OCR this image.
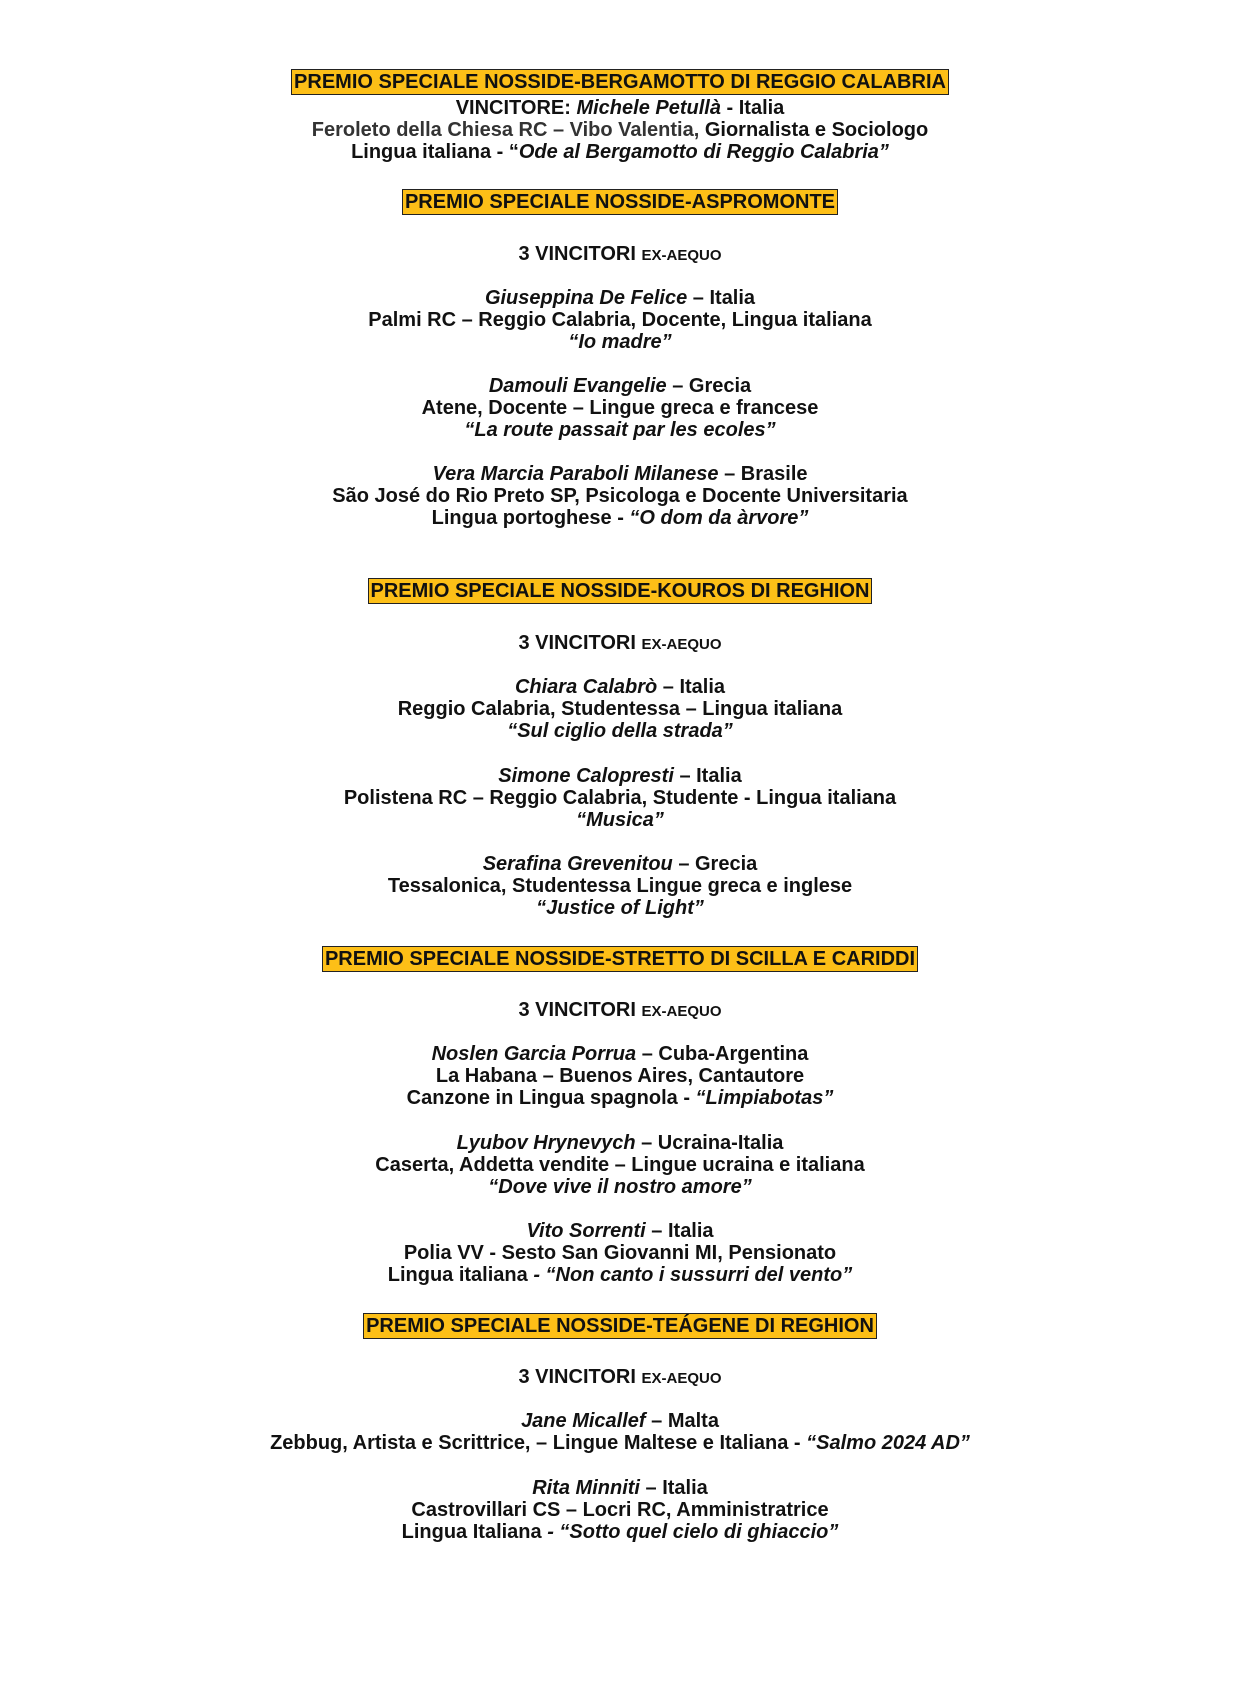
PREMIO SPECIALE NOSSIDE-BERGAMOTTO DI REGGIO CALABRIA
VINCITORE: Michele Petullà - Italia
Feroleto della Chiesa RC – Vibo Valentia, Giornalista e Sociologo
Lingua italiana - “Ode al Bergamotto di Reggio Calabria”
PREMIO SPECIALE NOSSIDE-ASPROMONTE
3 VINCITORI EX-AEQUO
Giuseppina De Felice – Italia
Palmi RC – Reggio Calabria, Docente, Lingua italiana
“Io madre”
Damouli Evangelie – Grecia
Atene, Docente – Lingue greca e francese
“La route passait par les ecoles”
Vera Marcia Paraboli Milanese – Brasile
São José do Rio Preto SP, Psicologa e Docente Universitaria
Lingua portoghese - “O dom da àrvore”
PREMIO SPECIALE NOSSIDE-KOUROS DI REGHION
3 VINCITORI EX-AEQUO
Chiara Calabrò – Italia
Reggio Calabria, Studentessa – Lingua italiana
“Sul ciglio della strada”
Simone Calopresti – Italia
Polistena RC – Reggio Calabria, Studente - Lingua italiana
“Musica”
Serafina Grevenitou – Grecia
Tessalonica, Studentessa Lingue greca e inglese
“Justice of Light”
PREMIO SPECIALE NOSSIDE-STRETTO DI SCILLA E CARIDDI
3 VINCITORI EX-AEQUO
Noslen Garcia Porrua – Cuba-Argentina
La Habana – Buenos Aires, Cantautore
Canzone in Lingua spagnola - “Limpiabotas”
Lyubov Hrynevych – Ucraina-Italia
Caserta, Addetta vendite – Lingue ucraina e italiana
“Dove vive il nostro amore”
Vito Sorrenti – Italia
Polia VV - Sesto San Giovanni MI, Pensionato
Lingua italiana - “Non canto i sussurri del vento”
PREMIO SPECIALE NOSSIDE-TEÁGENE DI REGHION
3 VINCITORI EX-AEQUO
Jane Micallef – Malta
Zebbug, Artista e Scrittrice, – Lingue Maltese e Italiana - “Salmo 2024 AD”
Rita Minniti – Italia
Castrovillari CS – Locri RC, Amministratrice
Lingua Italiana - “Sotto quel cielo di ghiaccio”
